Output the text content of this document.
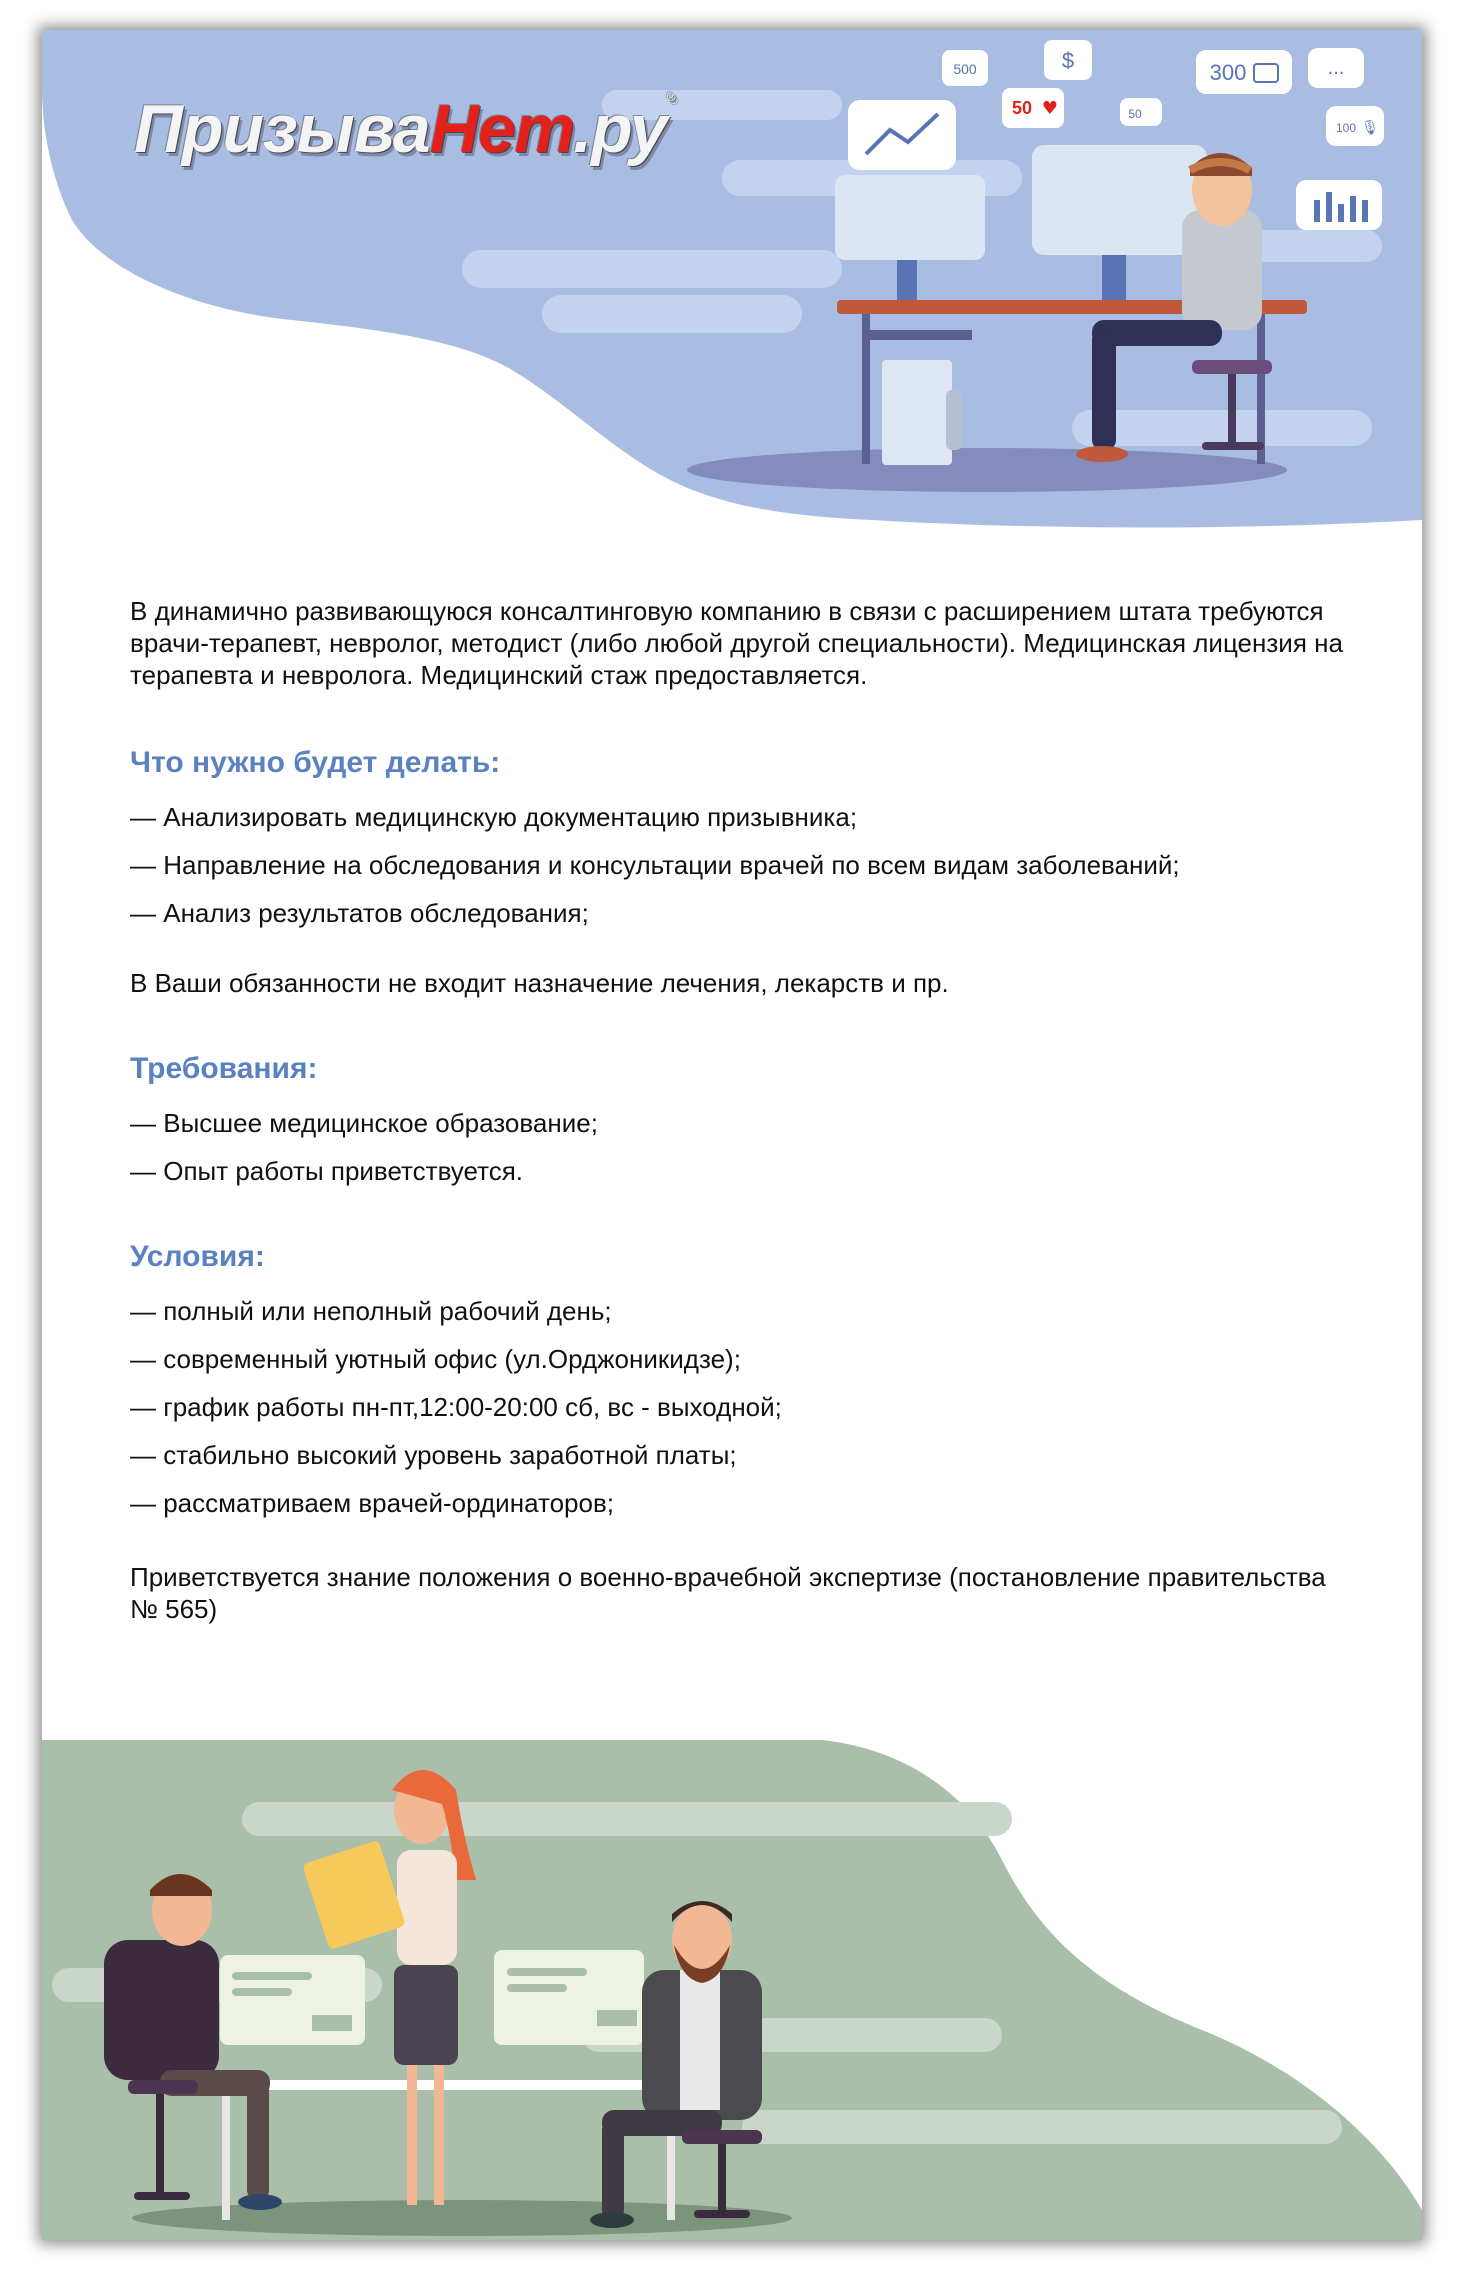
500	$	300	...
50 ♥	50
100 🎙
ПризываНет.ру®

В динамично развивающуюся консалтинговую компанию в связи с расширением штата требуются врачи-терапевт, невролог, методист (либо любой другой специальности). Медицинская лицензия на терапевта и невролога. Медицинский стаж предоставляется.

Что нужно будет делать:
— Анализировать медицинскую документацию призывника;
— Направление на обследования и консультации врачей по всем видам заболеваний;
— Анализ результатов обследования;

В Ваши обязанности не входит назначение лечения, лекарств и пр.

Требования:
— Высшее медицинское образование;
— Опыт работы приветствуется.
Условия:
— полный или неполный рабочий день;
— современный уютный офис (ул.Орджоникидзе);
— график работы пн-пт,12:00-20:00 сб, вс - выходной;
— стабильно высокий уровень заработной платы;
— рассматриваем врачей-ординаторов;

Приветствуется знание положения о военно-врачебной экспертизе (постановление правительства № 565)
